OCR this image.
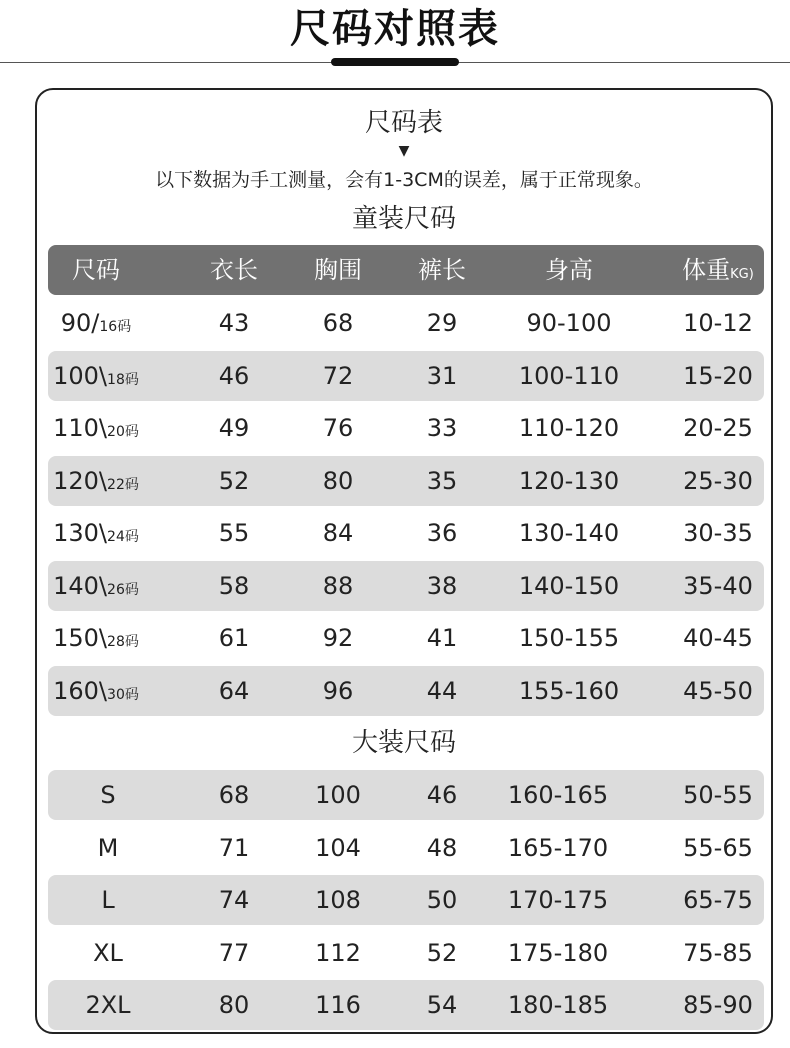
尺码对照表
尺码表
▼
以下数据为手工测量，会有1-3CM的误差，属于正常现象。
童装尺码
尺码	衣长	胸围	裤长	身高	体重KG)
90/16码	43	68	29	90-100	10-12
100\18码	46	72	31	100-110	15-20
110\20码	49	76	33	110-120	20-25
120\22码	52	80	35	120-130	25-30
130\24码	55	84	36	130-140	30-35
140\26码	58	88	38	140-150	35-40
150\28码	61	92	41	150-155	40-45
160\30码	64	96	44	155-160	45-50
大装尺码
S	68	100	46	160-165	50-55
M	71	104	48	165-170	55-65
L	74	108	50	170-175	65-75
XL	77	112	52	175-180	75-85
2XL	80	116	54	180-185	85-90
